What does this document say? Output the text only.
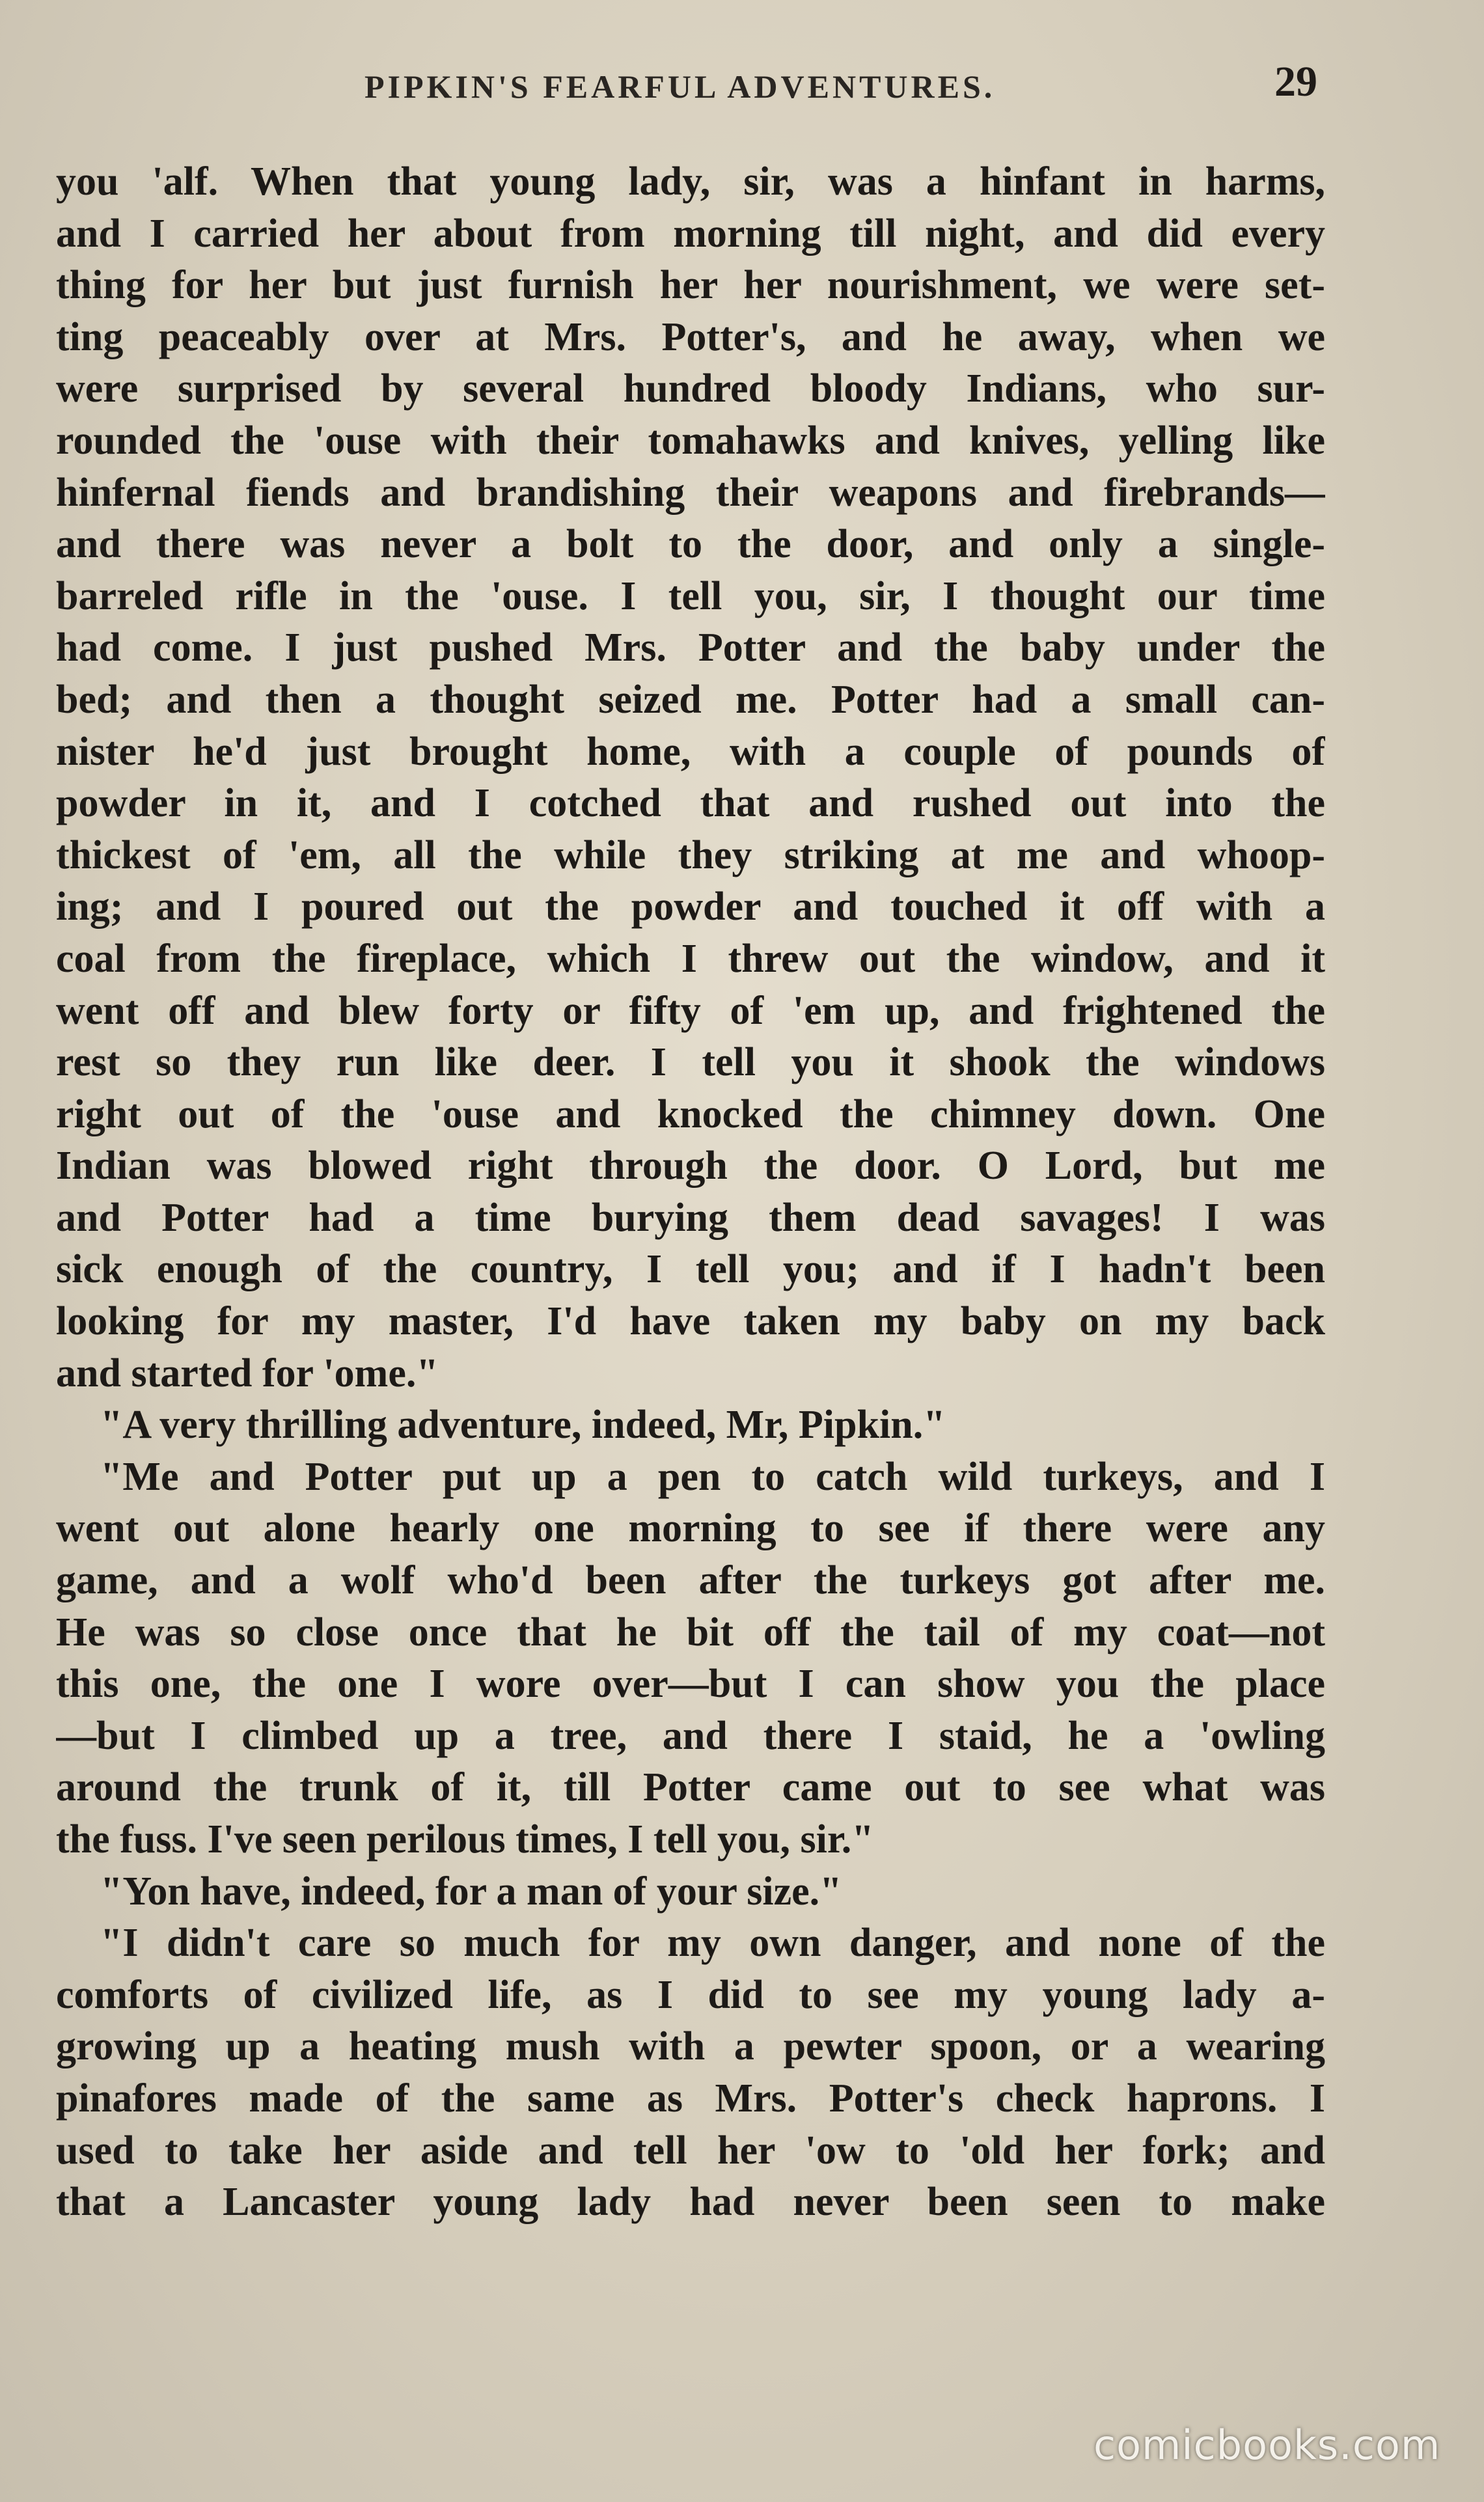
PIPKIN'S FEARFUL ADVENTURES.	29
you 'alf. When that young lady, sir, was a hinfant in harms,
and I carried her about from morning till night, and did every
thing for her but just furnish her her nourishment, we were set-
ting peaceably over at Mrs. Potter's, and he away, when we
were surprised by several hundred bloody Indians, who sur-
rounded the 'ouse with their tomahawks and knives, yelling like
hinfernal fiends and brandishing their weapons and firebrands—
and there was never a bolt to the door, and only a single-
barreled rifle in the 'ouse. I tell you, sir, I thought our time
had come. I just pushed Mrs. Potter and the baby under the
bed; and then a thought seized me. Potter had a small can-
nister he'd just brought home, with a couple of pounds of
powder in it, and I cotched that and rushed out into the
thickest of 'em, all the while they striking at me and whoop-
ing; and I poured out the powder and touched it off with a
coal from the fireplace, which I threw out the window, and it
went off and blew forty or fifty of 'em up, and frightened the
rest so they run like deer. I tell you it shook the windows
right out of the 'ouse and knocked the chimney down. One
Indian was blowed right through the door. O Lord, but me
and Potter had a time burying them dead savages! I was
sick enough of the country, I tell you; and if I hadn't been
looking for my master, I'd have taken my baby on my back
and started for 'ome."
"A very thrilling adventure, indeed, Mr, Pipkin."
"Me and Potter put up a pen to catch wild turkeys, and I
went out alone hearly one morning to see if there were any
game, and a wolf who'd been after the turkeys got after me.
He was so close once that he bit off the tail of my coat—not
this one, the one I wore over—but I can show you the place
—but I climbed up a tree, and there I staid, he a 'owling
around the trunk of it, till Potter came out to see what was
the fuss. I've seen perilous times, I tell you, sir."
"Yon have, indeed, for a man of your size."
"I didn't care so much for my own danger, and none of the
comforts of civilized life, as I did to see my young lady a-
growing up a heating mush with a pewter spoon, or a wearing
pinafores made of the same as Mrs. Potter's check haprons. I
used to take her aside and tell her 'ow to 'old her fork; and
that a Lancaster young lady had never been seen to make
comicbooks.com
